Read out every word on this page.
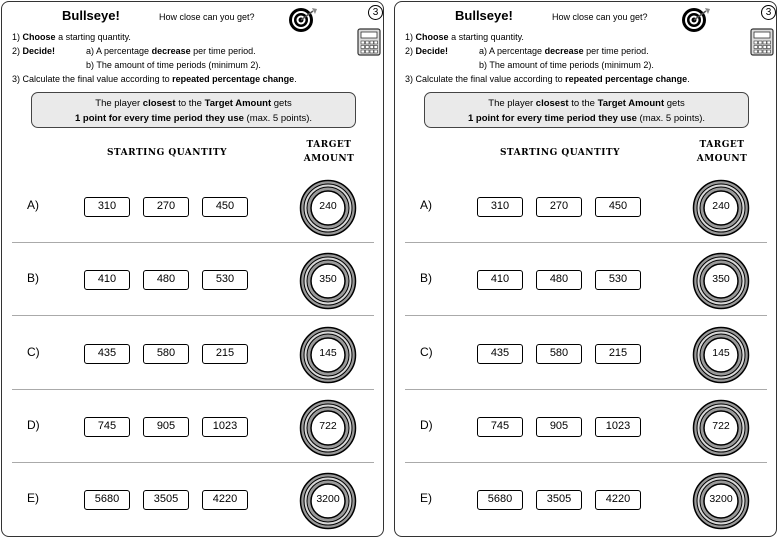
Bullseye!	How close can you get?	3
1) Choose a starting quantity.
2) Decide!	a) A percentage decrease per time period.
b) The amount of time periods (minimum 2).
3) Calculate the final value according to repeated percentage change.
The player closest to the Target Amount gets
1 point for every time period they use (max. 5 points).
STARTING QUANTITY
TARGET
AMOUNT
A)	310	270	450	240
B)	410	480	530	350
C)	435	580	215	145
D)	745	905	1023	722
E)	5680	3505	4220	3200
Bullseye!	How close can you get?	3
1) Choose a starting quantity.
2) Decide!	a) A percentage decrease per time period.
b) The amount of time periods (minimum 2).
3) Calculate the final value according to repeated percentage change.
The player closest to the Target Amount gets
1 point for every time period they use (max. 5 points).
STARTING QUANTITY
TARGET
AMOUNT
A)	310	270	450	240
B)	410	480	530	350
C)	435	580	215	145
D)	745	905	1023	722
E)	5680	3505	4220	3200
